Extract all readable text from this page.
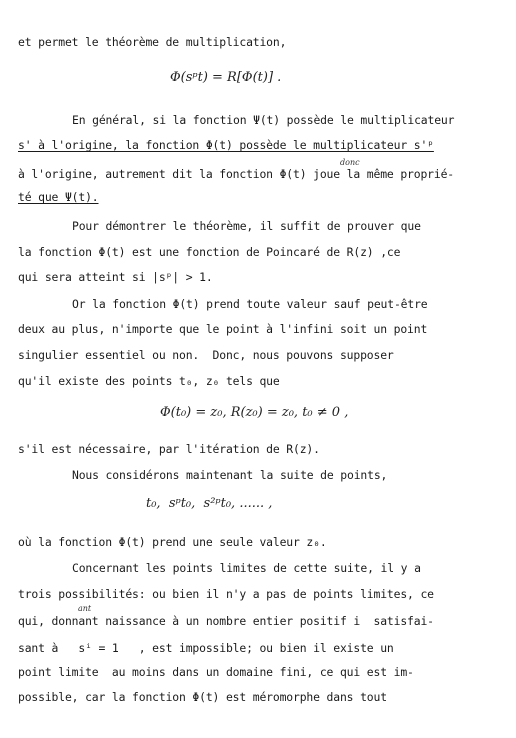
et permet le théorème de multiplication,
Φ(sᵖt) = R[Φ(t)] .
En général, si la fonction Ψ(t) possède le multiplicateur
s' à l'origine, la fonction Φ(t) possède le multiplicateur s'ᵖ
donc
à l'origine, autrement dit la fonction Φ(t) joue la même proprié-
té que Ψ(t).
Pour démontrer le théorème, il suffit de prouver que
la fonction Φ(t) est une fonction de Poincaré de R(z) ,ce
qui sera atteint si |sᵖ| > 1.
Or la fonction Φ(t) prend toute valeur sauf peut-être
deux au plus, n'importe que le point à l'infini soit un point
singulier essentiel ou non.  Donc, nous pouvons supposer
qu'il existe des points t₀, z₀ tels que
Φ(t₀) = z₀, R(z₀) = z₀, t₀ ≠ 0 ,
s'il est nécessaire, par l'itération de R(z).
Nous considérons maintenant la suite de points,
t₀,  sᵖt₀,  s²ᵖt₀, ...... ,
où la fonction Φ(t) prend une seule valeur z₀.
Concernant les points limites de cette suite, il y a
trois possibilités: ou bien il n'y a pas de points limites, ce
ant
qui, donnant naissance à un nombre entier positif i  satisfai-
sant à   sⁱ = 1   , est impossible; ou bien il existe un
point limite  au moins dans un domaine fini, ce qui est im-
possible, car la fonction Φ(t) est méromorphe dans tout
